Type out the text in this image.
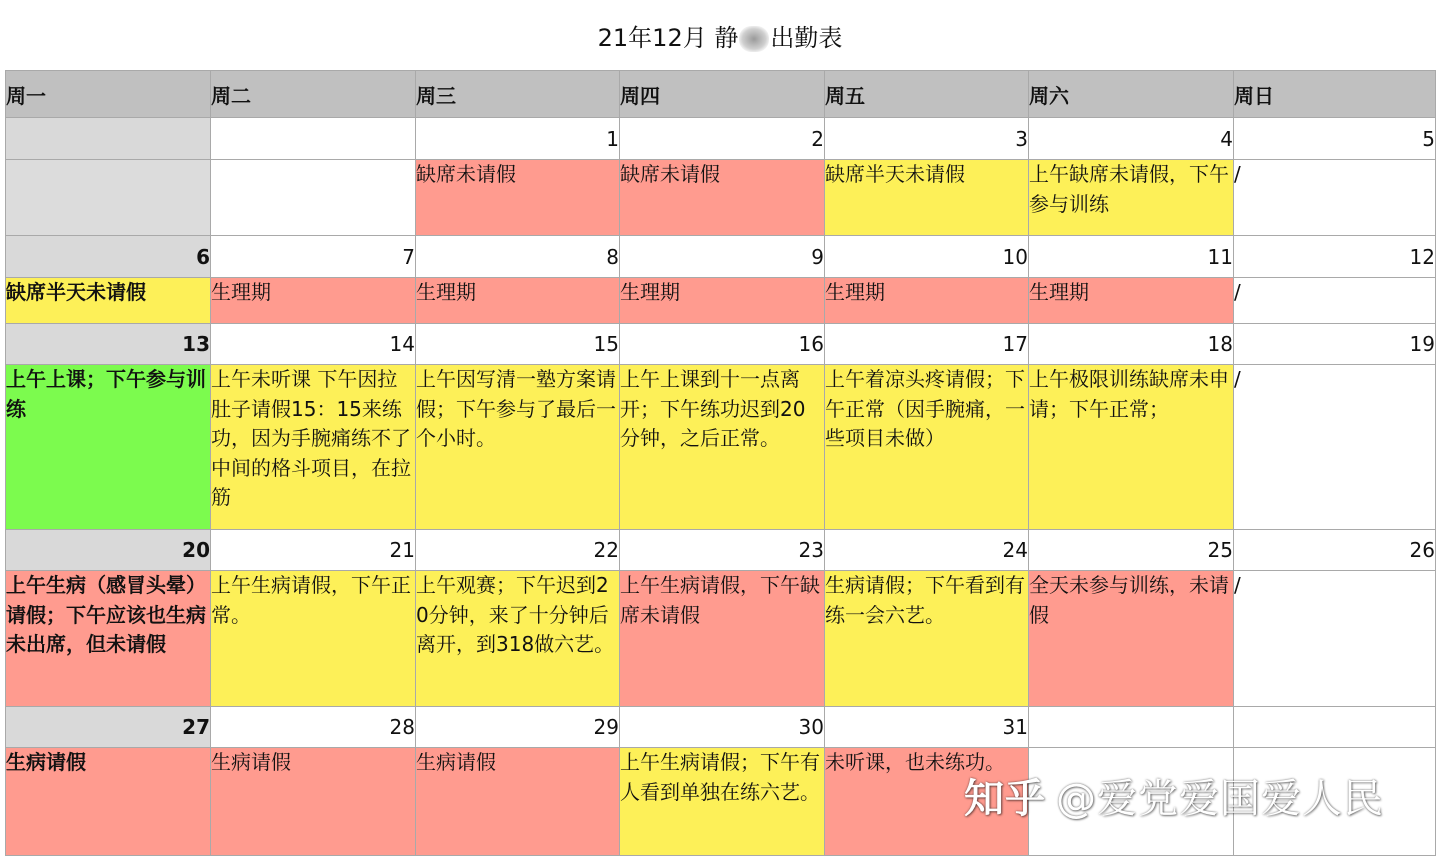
21年12月 静 出勤表
周一	周二	周三	周四	周五	周六	周日
		1	2	3	4	5
		缺席未请假	缺席未请假	缺席半天未请假	上午缺席未请假，下午参与训练	/
6	7	8	9	10	11	12
缺席半天未请假	生理期	生理期	生理期	生理期	生理期	/
13	14	15	16	17	18	19
上午上课；下午参与训练	上午未听课 下午因拉肚子请假15：15来练功，因为手腕痛练不了中间的格斗项目，在拉筋	上午因写清一塾方案请假；下午参与了最后一个小时。	上午上课到十一点离开；下午练功迟到20分钟，之后正常。	上午着凉头疼请假；下午正常（因手腕痛，一些项目未做）	上午极限训练缺席未申请；下午正常；	/
20	21	22	23	24	25	26
上午生病（感冒头晕）请假；下午应该也生病未出席，但未请假	上午生病请假，下午正常。	上午观赛；下午迟到20分钟，来了十分钟后离开，到318做六艺。	上午生病请假，下午缺席未请假	生病请假；下午看到有练一会六艺。	全天未参与训练，未请假	/
27	28	29	30	31		
生病请假	生病请假	生病请假	上午生病请假；下午有人看到单独在练六艺。	未听课，也未练功。		
知乎 @爱党爱国爱人民
